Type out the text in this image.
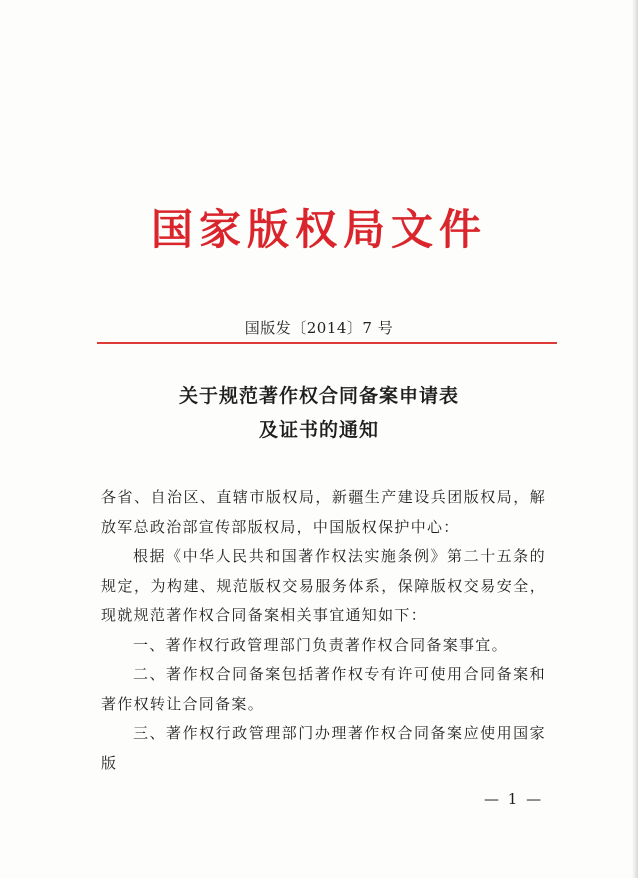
国家版权局文件
国版发〔2014〕7 号
关于规范著作权合同备案申请表
及证书的通知

各省、自治区、直辖市版权局，新疆生产建设兵团版权局，解放军总政治部宣传部版权局，中国版权保护中心：

根据《中华人民共和国著作权法实施条例》第二十五条的规定，为构建、规范版权交易服务体系，保障版权交易安全，现就规范著作权合同备案相关事宜通知如下：

一、著作权行政管理部门负责著作权合同备案事宜。

二、著作权合同备案包括著作权专有许可使用合同备案和著作权转让合同备案。

三、著作权行政管理部门办理著作权合同备案应使用国家版

— 1 —
